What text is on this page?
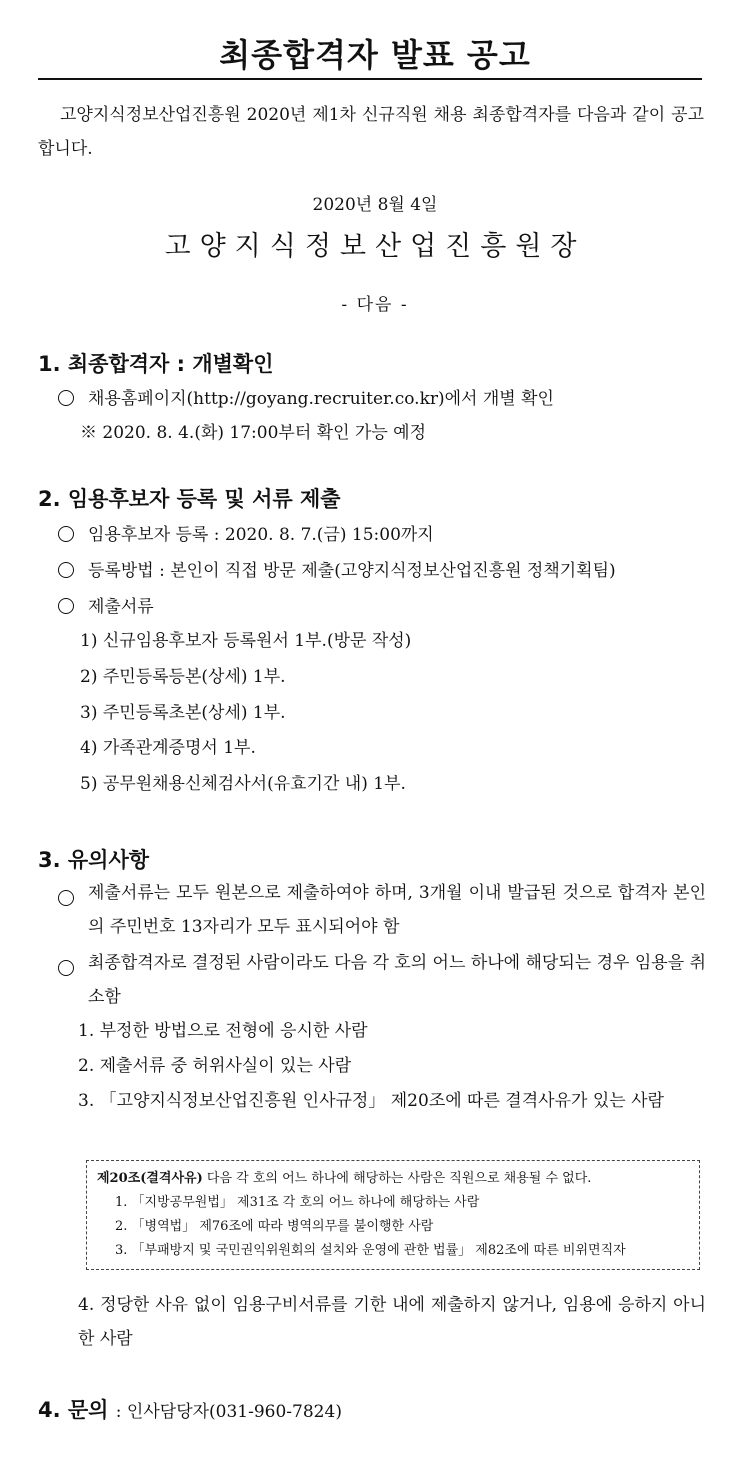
최종합격자 발표 공고
고양지식정보산업진흥원 2020년 제1차 신규직원 채용 최종합격자를 다음과 같이 공고합니다.
2020년 8월 4일
고양지식정보산업진흥원장
- 다음 -
1. 최종합격자 : 개별확인
채용홈페이지(http://goyang.recruiter.co.kr)에서 개별 확인
※ 2020. 8. 4.(화) 17:00부터 확인 가능 예정
2. 임용후보자 등록 및 서류 제출
임용후보자 등록 : 2020. 8. 7.(금) 15:00까지
등록방법 : 본인이 직접 방문 제출(고양지식정보산업진흥원 정책기획팀)
제출서류
1) 신규임용후보자 등록원서 1부.(방문 작성)
2) 주민등록등본(상세) 1부.
3) 주민등록초본(상세) 1부.
4) 가족관계증명서 1부.
5) 공무원채용신체검사서(유효기간 내) 1부.
3. 유의사항
제출서류는 모두 원본으로 제출하여야 하며, 3개월 이내 발급된 것으로 합격자 본인의 주민번호 13자리가 모두 표시되어야 함
최종합격자로 결정된 사람이라도 다음 각 호의 어느 하나에 해당되는 경우 임용을 취소함
1. 부정한 방법으로 전형에 응시한 사람
2. 제출서류 중 허위사실이 있는 사람
3. 「고양지식정보산업진흥원 인사규정」 제20조에 따른 결격사유가 있는 사람
제20조(결격사유) 다음 각 호의 어느 하나에 해당하는 사람은 직원으로 채용될 수 없다.
1. 「지방공무원법」 제31조 각 호의 어느 하나에 해당하는 사람
2. 「병역법」 제76조에 따라 병역의무를 불이행한 사람
3. 「부패방지 및 국민권익위원회의 설치와 운영에 관한 법률」 제82조에 따른 비위면직자
4. 정당한 사유 없이 임용구비서류를 기한 내에 제출하지 않거나, 임용에 응하지 아니한 사람
4. 문의 : 인사담당자(031-960-7824)
